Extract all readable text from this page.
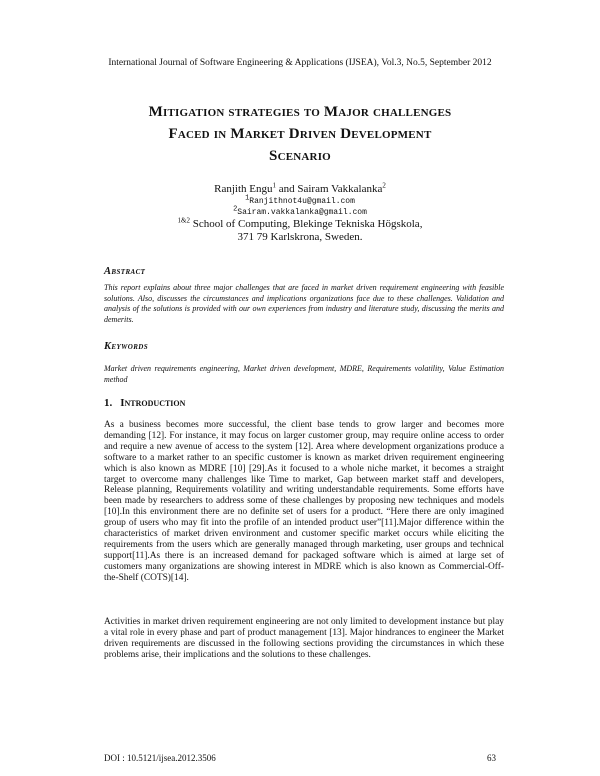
International Journal of Software Engineering & Applications (IJSEA), Vol.3, No.5, September 2012
Mitigation strategies to Major challenges
Faced in Market Driven Development
Scenario
Ranjith Engu$^1$ and Sairam Vakkalanka$^2$
$^1$Ranjithnot4u@gmail.com
$^2$Sairam.vakkalanka@gmail.com
$^{1\&2}$ School of Computing, Blekinge Tekniska Högskola,
371 79 Karlskrona, Sweden.
Abstract
This report explains about three major challenges that are faced in market driven requirement engineering with feasible solutions. Also, discusses the circumstances and implications organizations face due to these challenges. Validation and analysis of the solutions is provided with our own experiences from industry and literature study, discussing the merits and demerits.
Keywords
Market driven requirements engineering, Market driven development, MDRE, Requirements volatility, Value Estimation method
1. Introduction
As a business becomes more successful, the client base tends to grow larger and becomes more demanding [12]. For instance, it may focus on larger customer group, may require online access to order and require a new avenue of access to the system [12]. Area where development organizations produce a software to a market rather to an specific customer is known as market driven requirement engineering which is also known as MDRE [10] [29].As it focused to a whole niche market, it becomes a straight target to overcome many challenges like Time to market, Gap between market staff and developers, Release planning, Requirements volatility and writing understandable requirements. Some efforts have been made by researchers to address some of these challenges by proposing new techniques and models [10].In this environment there are no definite set of users for a product. “Here there are only imagined group of users who may fit into the profile of an intended product user”[11].Major difference within the characteristics of market driven environment and customer specific market occurs while eliciting the requirements from the users which are generally managed through marketing, user groups and technical support[11].As there is an increased demand for packaged software which is aimed at large set of customers many organizations are showing interest in MDRE which is also known as Commercial-Off-the-Shelf (COTS)[14].
Activities in market driven requirement engineering are not only limited to development instance but play a vital role in every phase and part of product management [13]. Major hindrances to engineer the Market driven requirements are discussed in the following sections providing the circumstances in which these problems arise, their implications and the solutions to these challenges.
DOI : 10.5121/ijsea.2012.3506	63
